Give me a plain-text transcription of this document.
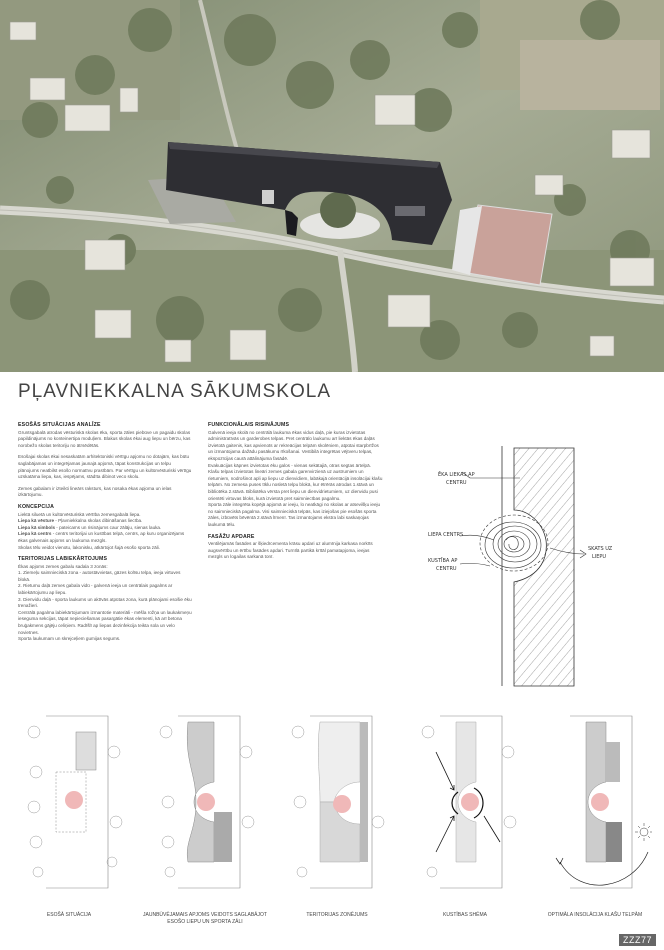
PĻAVNIEKKALNA SĀKUMSKOLA
ESOŠĀS SITUĀCIJAS ANALĪZE
Gruntsgabalā atrodas vēsturiskā skolas ēka, sporta zāles piebūve un pagaidu skolas papildinājums no konteinertipa moduļiem. Blakus skolas ēkai aug liepu un bērzu, kas norobežo skolas teritoriju no ātrsēdētās.
Esošajai skolas ēkai nesaskatām arhitektoniski vērtīgu apjomu no dotajām, kas būtu saglabājamas un integrējamas jaunajā apjomā, tāpat konstrukcijas un telpu plānojums neatbilst esošo normatīvu prasībām. Par vērtīgu un kultūrvēsturiski vērtīgu uzskatāma liepa, kas, iespējams, stādīta dibinot veco skolu.
Zemes gabalam ir izteikti lineārs raksturs, kas nosaka ēkas apjoma un ielas izkārtojumu.
KONCEPCIJA
Liektā siluetā un kultūrvēsturiskā vērtība zemesgabalā liepa.
Liepa kā vēsture - Pļavniekkalna skolas dibināšanas liecība.
Liepa kā simbols - pateicams un risinājums caur zālāju, sienas lauka.
Liepa kā centrs - centrs teritorijai un kustības telpā, centrs, ap kuru organizējams ēkas galvenais apjoms un laukuma mezgls.
Skolas tēlu veidot vienotu, lakonisku, atkārtojot šajā esošo sporta zāli.
TERITORIJAS LABIEKĀRTOJUMS
Ēkas apjoms zemes gabalu sadala 3 zonās:
1. Ziemeļu saimnieciskā zona - autostāvvietas, gāzes kolīsu telpa, ieeja virtuves blokā.
2. Rietumu daļā zemes gabala vidū - galvenā ieeja un centrālais pagalms ar labiekārtojumu ap liepu.
3. Dienvidu daļā - sporta laukums un aktīvās atpūtas zona, kurā plānojami esošie ēku trenažieri.
Centrālā pagalma labiekārtojumam izmantotie materiāli - mēšla rožņa un laukakmeņu ieseguma sekcijas, tāpat nepieciešamas pasargātie ēkas elementi, kā arī betona bruģakmens gājēju celiņiem. Radīšlī ap liepas dezinfekcija teikta sola un velo novietnes.
Sporta laukumam un skrejceļiem gumijas segums.
FUNKCIONĀLAIS RISINĀJUMS
Galvenā ieeja skolā no centrālā laukuma ēkas vidus daļā, pie kuras izvietotas administratīvās un garderobes telpas. Pret centrālo laukumu arī liektās ēkas daļās izvietotā gaitenis, kas apvienots ar rekreācijas telpām skolēniem, atpūtai starpbrīžos un izmantojama dažādu pasākumu rīkošanai. Vestibilā integrētas vējtveru telpas, ekspozīcijas caurā attālinājuma fasādē.
Evakuācijas kāpnes izvietotas ēku galos - vienas sekātajiā, otras segtas ārtelpā.
Klašu telpas izvietotas lineāri zemes gabala garenvirzienā uz austrumiem un rietumiem, nodrošinot apli ap liepu uz dienvidiem, labākajā orientācijā insolācijai klašu telpām. No zemesa puses tīklu nosletā telpu blokā, kur ētrērās atrodas 1.stāvā un bibliotēka 2.stāvā. Bibliotēka vērsta pret liepu un dienvidrietumiem, uz dienvidu pusi orientēti virtuvas bloks, kurā izvietotā pret saimniecības pagalmu.
Sporta zāle integrēta kopējā apjomā ar ieeju, lo neatkāgi no skolas ar atsevišķu ieeju no saimnieciskā pagalma. Visi saimnieciskā telpās, kas iziejošas pie esošās sporta zāles, izbūvēts bēvēntā 2.stāvā līmenī. Tas izmantojams ekstra labi saskaņojas laukumā tēlu.
FASĀŽU APDARE
Ventilējamās fasādes ar šķiedrcementa krāsu apdari uz alumīnija karkasa norkīts augsvērtību un ērtību fasādes apdari. Turnīlā partikā krītāl pamatapjoma, ieejas mezgls un logailas sarkanā tonī.
ĒKA LIEKAS AP
CENTRU
LIEPA CENTRS
SKATS UZ
LIEPU
KUSTĪBA AP
CENTRU
ESOŠĀ SITUĀCIJA	JAUNBŪVĒJAMAIS APJOMS VEIDOTS SAGLABĀJOT ESOŠO LIEPU UN SPORTA ZĀLI
TERITORIJAS ZONĒJUMS	KUSTĪBAS SHĒMA	OPTIMĀLA INSOLĀCIJA KLAŠU TELPĀM
ZZZ77
